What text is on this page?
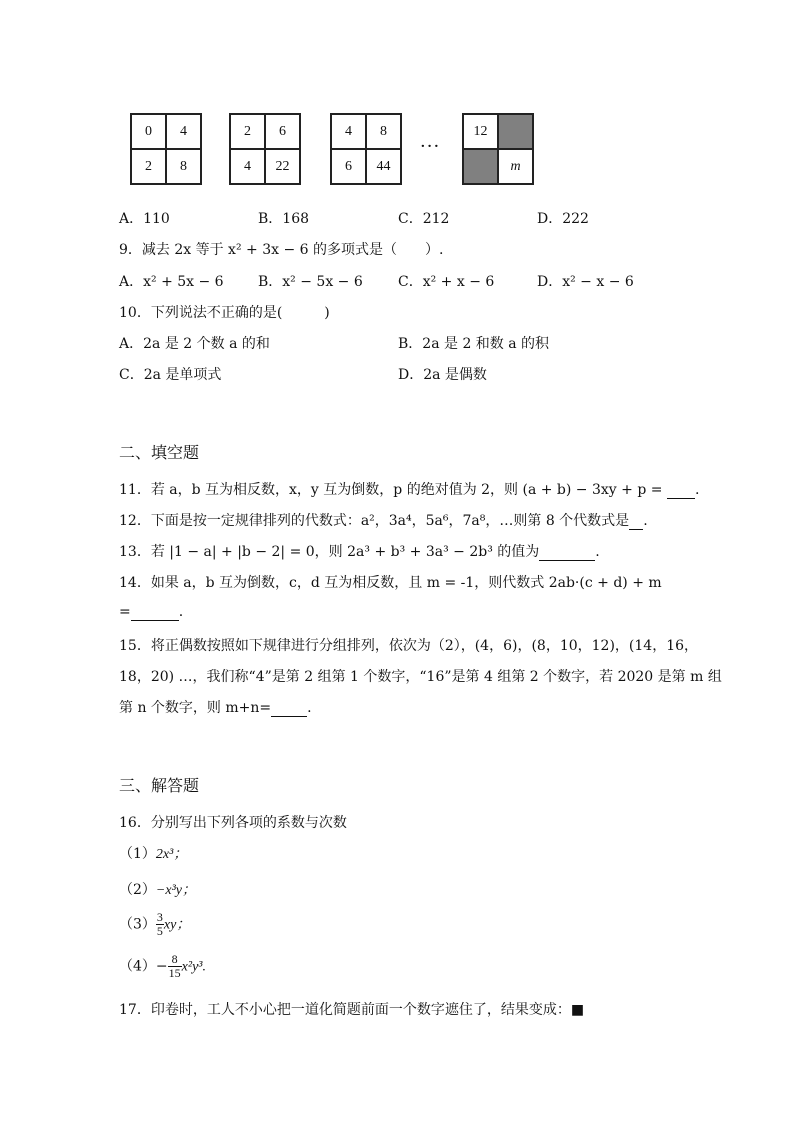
0	4
2	8
2	6
4	22
4	8
6	44
···
12
m
A．110	B．168	C．212	D．222
9．减去 2x 等于 x² + 3x − 6 的多项式是（　　）.
A．x² + 5x − 6 B．x² − 5x − 6	C．x² + x − 6	D．x² − x − 6
10．下列说法不正确的是(　　　)
A．2a 是 2 个数 a 的和	B．2a 是 2 和数 a 的积
C．2a 是单项式	D．2a 是偶数
二、填空题
11．若 a，b 互为相反数，x，y 互为倒数，p 的绝对值为 2，则 (a + b) − 3xy + p =  .
12．下面是按一定规律排列的代数式：a²，3a⁴，5a⁶，7a⁸，…则第 8 个代数式是 .
13．若 |1 − a| + |b − 2| = 0，则 2a³ + b³ + 3a³ − 2b³ 的值为	.
14．如果 a，b 互为倒数，c，d 互为相反数，且 m = -1，则代数式 2ab·(c + d) + m
=	.
15．将正偶数按照如下规律进行分组排列，依次为（2），(4，6)，(8，10，12)，(14，16，
18，20) …，我们称“4”是第 2 组第 1 个数字，“16”是第 4 组第 2 个数字，若 2020 是第 m 组
第 n 个数字，则 m+n=	.
三、解答题
16．分别写出下列各项的系数与次数
（1）2x³；
（2）−x³y；
$(3) \frac{3}{5}$ xy；
$(4)- \frac{8}{15} x^2y^3$.
17．印卷时，工人不小心把一道化简题前面一个数字遮住了，结果变成：■
